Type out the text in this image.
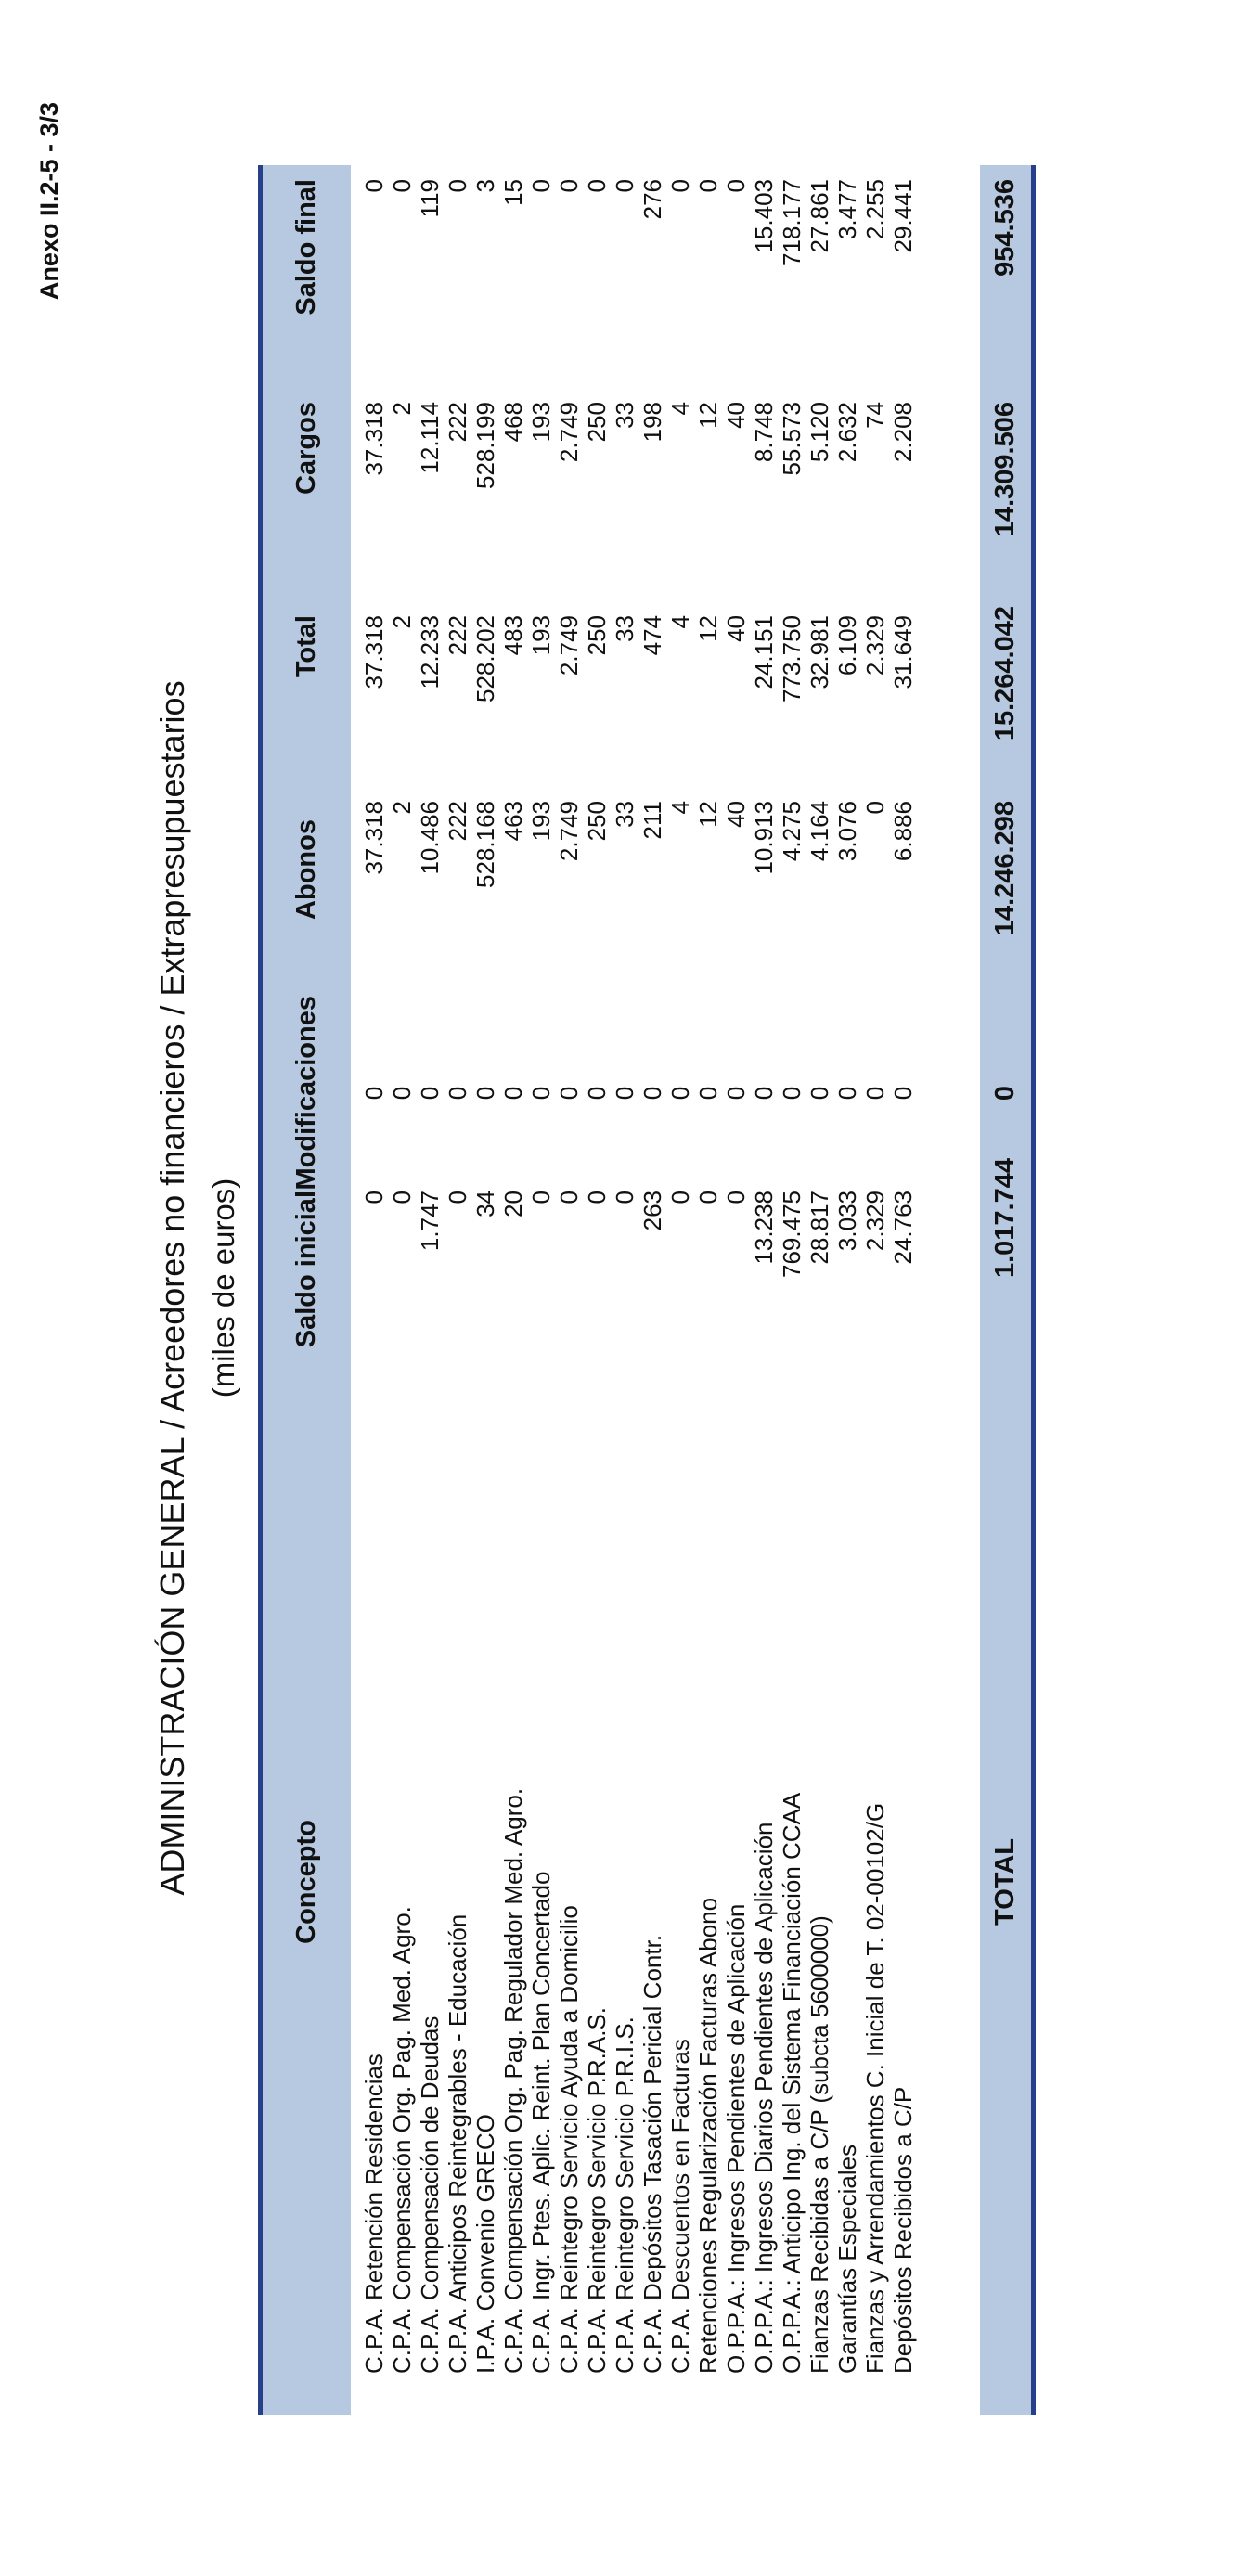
Anexo II.2-5 - 3/3
ADMINISTRACIÓN GENERAL / Acreedores no financieros / Extrapresupuestarios (miles de euros)
Concepto
Saldo inicial
Modificaciones
Abonos
Total
Cargos
Saldo final
C.P.A. Retención Residencias
0
0
37.318
37.318
37.318
0
C.P.A. Compensación Org. Pag. Med. Agro.
0
0
2
2
2
0
C.P.A. Compensación de Deudas
1.747
0
10.486
12.233
12.114
119
C.P.A. Anticipos Reintegrables - Educación
0
0
222
222
222
0
I.P.A. Convenio GRECO
34
0
528.168
528.202
528.199
3
C.P.A. Compensación Org. Pag. Regulador Med. Agro.
20
0
463
483
468
15
C.P.A. Ingr. Ptes. Aplic. Reint. Plan Concertado
0
0
193
193
193
0
C.P.A. Reintegro Servicio Ayuda a Domicilio
0
0
2.749
2.749
2.749
0
C.P.A. Reintegro Servicio P.R.A.S.
0
0
250
250
250
0
C.P.A. Reintegro Servicio P.R.I.S.
0
0
33
33
33
0
C.P.A. Depósitos Tasación Pericial Contr.
263
0
211
474
198
276
C.P.A. Descuentos en Facturas
0
0
4
4
4
0
Retenciones Regularización Facturas Abono
0
0
12
12
12
0
O.P.P.A.: Ingresos Pendientes de Aplicación
0
0
40
40
40
0
O.P.P.A.: Ingresos Diarios Pendientes de Aplicación
13.238
0
10.913
24.151
8.748
15.403
O.P.P.A.: Anticipo Ing. del Sistema Financiación CCAA
769.475
0
4.275
773.750
55.573
718.177
Fianzas Recibidas a C/P (subcta 5600000)
28.817
0
4.164
32.981
5.120
27.861
Garantías Especiales
3.033
0
3.076
6.109
2.632
3.477
Fianzas y Arrendamientos C. Inicial de T. 02-00102/G
2.329
0
0
2.329
74
2.255
Depósitos Recibidos a C/P
24.763
0
6.886
31.649
2.208
29.441
TOTAL
1.017.744
0
14.246.298
15.264.042
14.309.506
954.536
